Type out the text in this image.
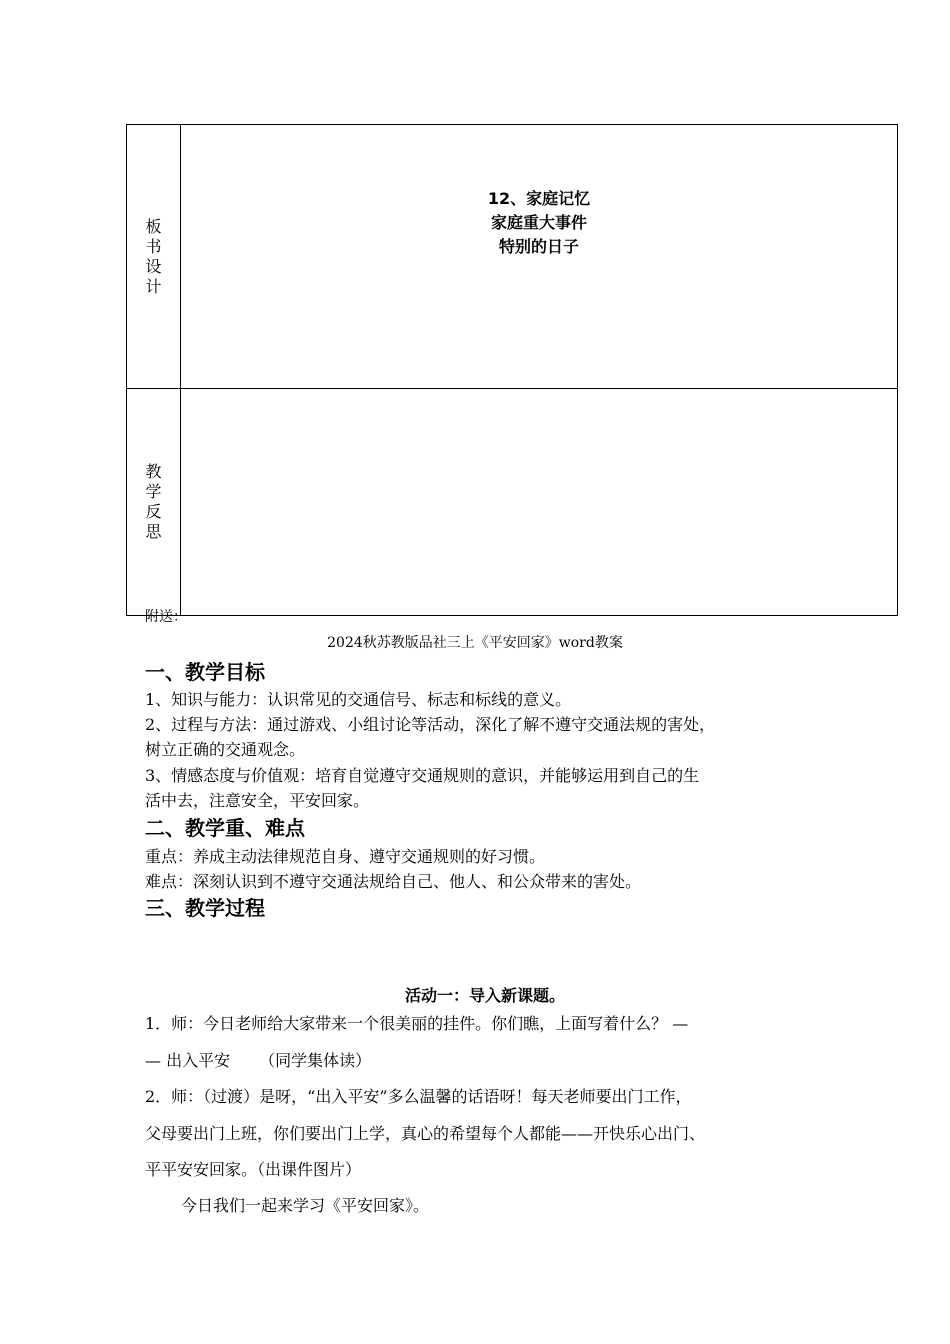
板书设计	12、家庭记忆
家庭重大事件
特别的日子

教学反思	
附送：
2024秋苏教版品社三上《平安回家》word教案
一、教学目标
1、知识与能力：认识常见的交通信号、标志和标线的意义。
2、过程与方法：通过游戏、小组讨论等活动，深化了解不遵守交通法规的害处，
树立正确的交通观念。
3、情感态度与价值观：培育自觉遵守交通规则的意识，并能够运用到自己的生
活中去，注意安全，平安回家。
二、教学重、难点
重点：养成主动法律规范自身、遵守交通规则的好习惯。
难点：深刻认识到不遵守交通法规给自己、他人、和公众带来的害处。
三、教学过程
活动一：导入新课题。
1．师：今日老师给大家带来一个很美丽的挂件。你们瞧，上面写着什么？ —
— 出入平安 　　（同学集体读）
2．师：（过渡）是呀，“出入平安”多么温馨的话语呀！每天老师要出门工作，
父母要出门上班，你们要出门上学，真心的希望每个人都能——开快乐心出门、
平平安安回家。（出课件图片）
今日我们一起来学习《平安回家》。
